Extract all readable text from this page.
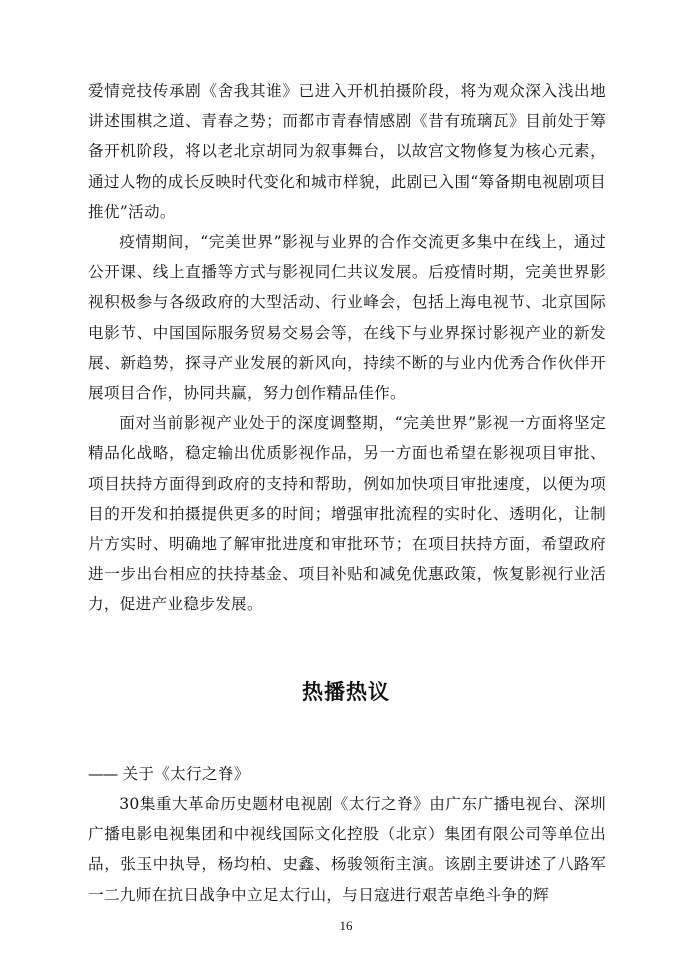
爱情竞技传承剧《舍我其谁》已进入开机拍摄阶段，将为观众深入浅出地讲述围棋之道、青春之势；而都市青春情感剧《昔有琉璃瓦》目前处于筹备开机阶段，将以老北京胡同为叙事舞台，以故宫文物修复为核心元素，通过人物的成长反映时代变化和城市样貌，此剧已入围“筹备期电视剧项目推优”活动。

疫情期间，“完美世界”影视与业界的合作交流更多集中在线上，通过公开课、线上直播等方式与影视同仁共议发展。后疫情时期，完美世界影视积极参与各级政府的大型活动、行业峰会，包括上海电视节、北京国际电影节、中国国际服务贸易交易会等，在线下与业界探讨影视产业的新发展、新趋势，探寻产业发展的新风向，持续不断的与业内优秀合作伙伴开展项目合作，协同共赢，努力创作精品佳作。

面对当前影视产业处于的深度调整期，“完美世界”影视一方面将坚定精品化战略，稳定输出优质影视作品，另一方面也希望在影视项目审批、项目扶持方面得到政府的支持和帮助，例如加快项目审批速度，以便为项目的开发和拍摄提供更多的时间；增强审批流程的实时化、透明化，让制片方实时、明确地了解审批进度和审批环节；在项目扶持方面，希望政府进一步出台相应的扶持基金、项目补贴和减免优惠政策，恢复影视行业活力，促进产业稳步发展。

热播热议
—— 关于《太行之脊》

30集重大革命历史题材电视剧《太行之脊》由广东广播电视台、深圳广播电影电视集团和中视线国际文化控股（北京）集团有限公司等单位出品，张玉中执导，杨均柏、史鑫、杨骏领衔主演。该剧主要讲述了八路军一二九师在抗日战争中立足太行山，与日寇进行艰苦卓绝斗争的辉

16
